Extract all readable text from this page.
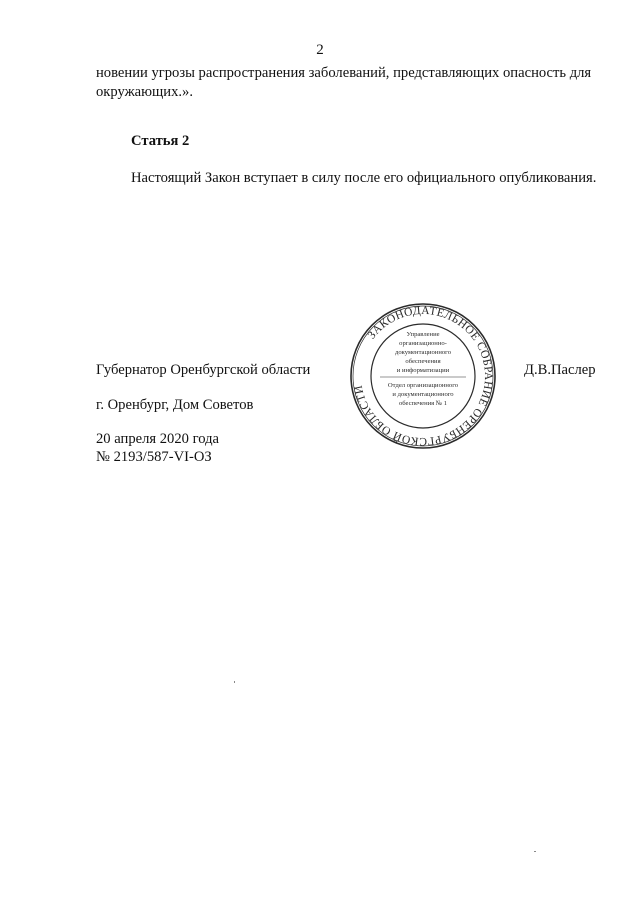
2
новении угрозы распространения заболеваний, представляющих опасность для
окружающих.».
Статья 2
Настоящий Закон вступает в силу после его официального опубликования.
Губернатор Оренбургской области	Д.В.Паслер
г. Оренбург, Дом Советов
20 апреля 2020 года
№ 2193/587-VI-ОЗ
ЗАКОНОДАТЕЛЬНОЕ СОБРАНИЕ ОРЕНБУРГСКОЙ ОБЛАСТИ
Управление
организационно-
документационного
обеспечения
и информатизации
Отдел организационного
и документационного
обеспечения № 1
